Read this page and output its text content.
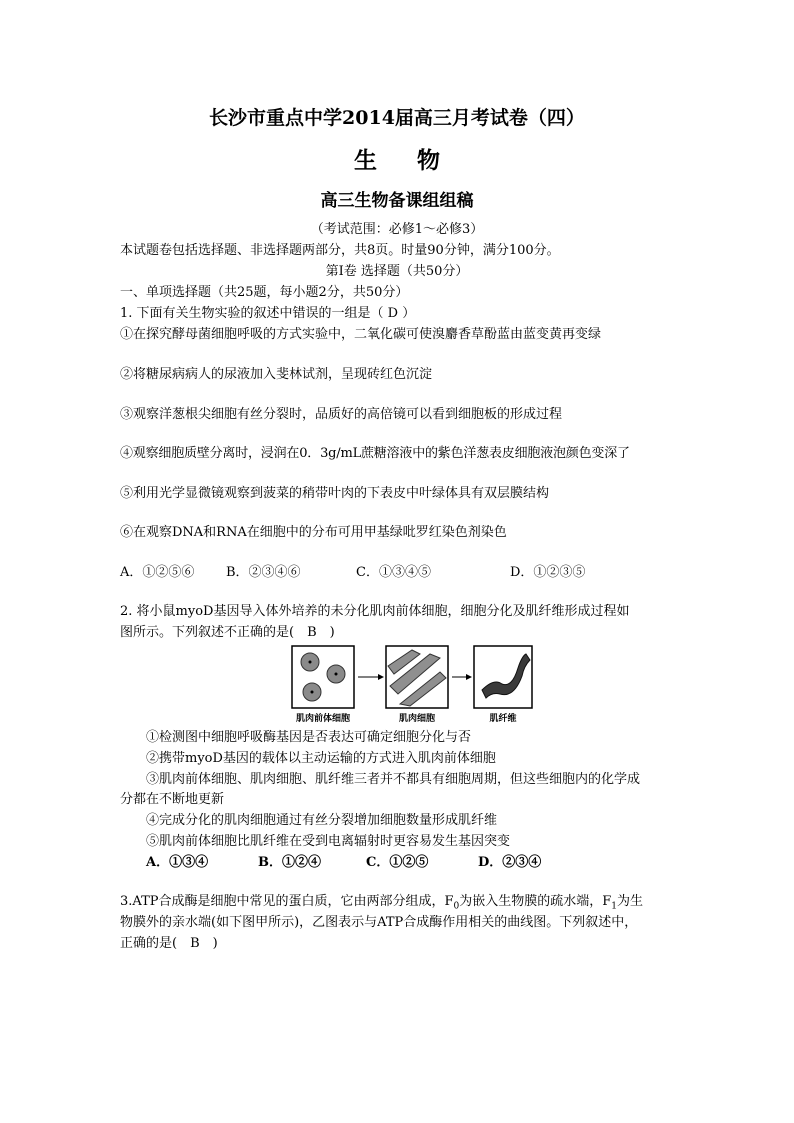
长沙市重点中学2014届高三月考试卷（四）
生物
高三生物备课组组稿
（考试范围：必修1～必修3）
本试题卷包括选择题、非选择题两部分，共8页。时量90分钟，满分100分。
第Ⅰ卷 选择题（共50分）
一、单项选择题（共25题，每小题2分，共50分）
1. 下面有关生物实验的叙述中错误的一组是（ D ）
①在探究酵母菌细胞呼吸的方式实验中，二氧化碳可使溴麝香草酚蓝由蓝变黄再变绿
②将糖尿病病人的尿液加入斐林试剂，呈现砖红色沉淀
③观察洋葱根尖细胞有丝分裂时，品质好的高倍镜可以看到细胞板的形成过程
④观察细胞质壁分离时，浸润在0．3g/mL蔗糖溶液中的紫色洋葱表皮细胞液泡颜色变深了
⑤利用光学显微镜观察到菠菜的稍带叶肉的下表皮中叶绿体具有双层膜结构
⑥在观察DNA和RNA在细胞中的分布可用甲基绿吡罗红染色剂染色
A．①②⑤⑥ B．②③④⑥	C．①③④⑤	D．①②③⑤
2. 将小鼠myoD基因导入体外培养的未分化肌肉前体细胞，细胞分化及肌纤维形成过程如
图所示。下列叙述不正确的是(　B　)
肌肉前体细胞	肌肉细胞	肌纤维
①检测图中细胞呼吸酶基因是否表达可确定细胞分化与否
②携带myoD基因的载体以主动运输的方式进入肌肉前体细胞
③肌肉前体细胞、肌肉细胞、肌纤维三者并不都具有细胞周期，但这些细胞内的化学成
分都在不断地更新
④完成分化的肌肉细胞通过有丝分裂增加细胞数量形成肌纤维
⑤肌肉前体细胞比肌纤维在受到电离辐射时更容易发生基因突变
A．①③④	B．①②④	C．①②⑤	D．②③④
3.ATP合成酶是细胞中常见的蛋白质，它由两部分组成，$F_0$为嵌入生物膜的疏水端，$F_1$为生
物膜外的亲水端(如下图甲所示)，乙图表示与ATP合成酶作用相关的曲线图。下列叙述中，
正确的是(　B　)
